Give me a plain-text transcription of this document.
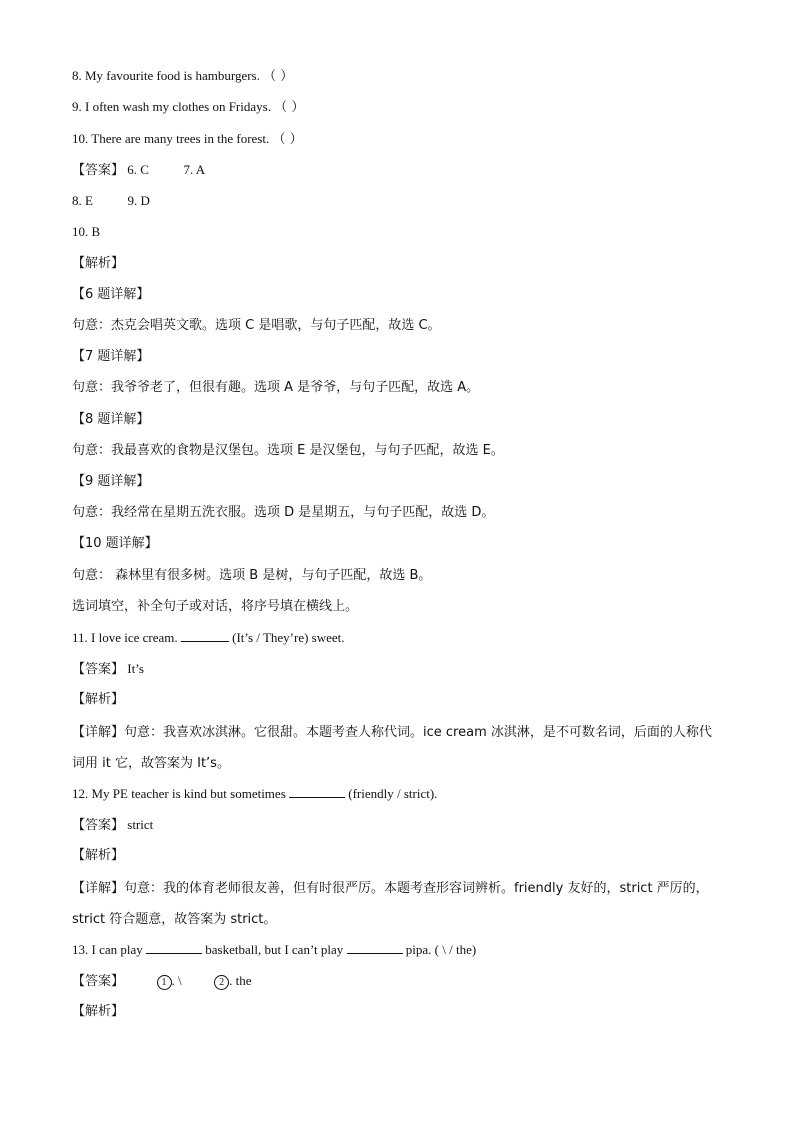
8. My favourite food is hamburgers. （ ）
9. I often wash my clothes on Fridays. （ ）
10. There are many trees in the forest. （ ）
【答案】 6. C	7. A
8. E	9. D
10. B
【解析】
【6 题详解】
句意：杰克会唱英文歌。选项 C 是唱歌，与句子匹配，故选 C。
【7 题详解】
句意：我爷爷老了，但很有趣。选项 A 是爷爷，与句子匹配，故选 A。
【8 题详解】
句意：我最喜欢的食物是汉堡包。选项 E 是汉堡包，与句子匹配，故选 E。
【9 题详解】
句意：我经常在星期五洗衣服。选项 D 是星期五，与句子匹配，故选 D。
【10 题详解】
句意： 森林里有很多树。选项 B 是树，与句子匹配，故选 B。
选词填空，补全句子或对话，将序号填在横线上。
11. I love ice cream.	(It’s / They’re) sweet.
【答案】 It’s
【解析】
【详解】句意：我喜欢冰淇淋。它很甜。本题考查人称代词。ice cream 冰淇淋，是不可数名词，后面的人称代词用 it 它，故答案为 It’s。
12. My PE teacher is kind but sometimes	(friendly / strict).
【答案】 strict
【解析】
【详解】句意：我的体育老师很友善，但有时很严厉。本题考查形容词辨析。friendly 友好的，strict 严厉的，strict 符合题意，故答案为 strict。
13. I can play	basketball, but I can’t play	pipa. ( \ / the)
【答案】	1 . \	2 . the
【解析】
